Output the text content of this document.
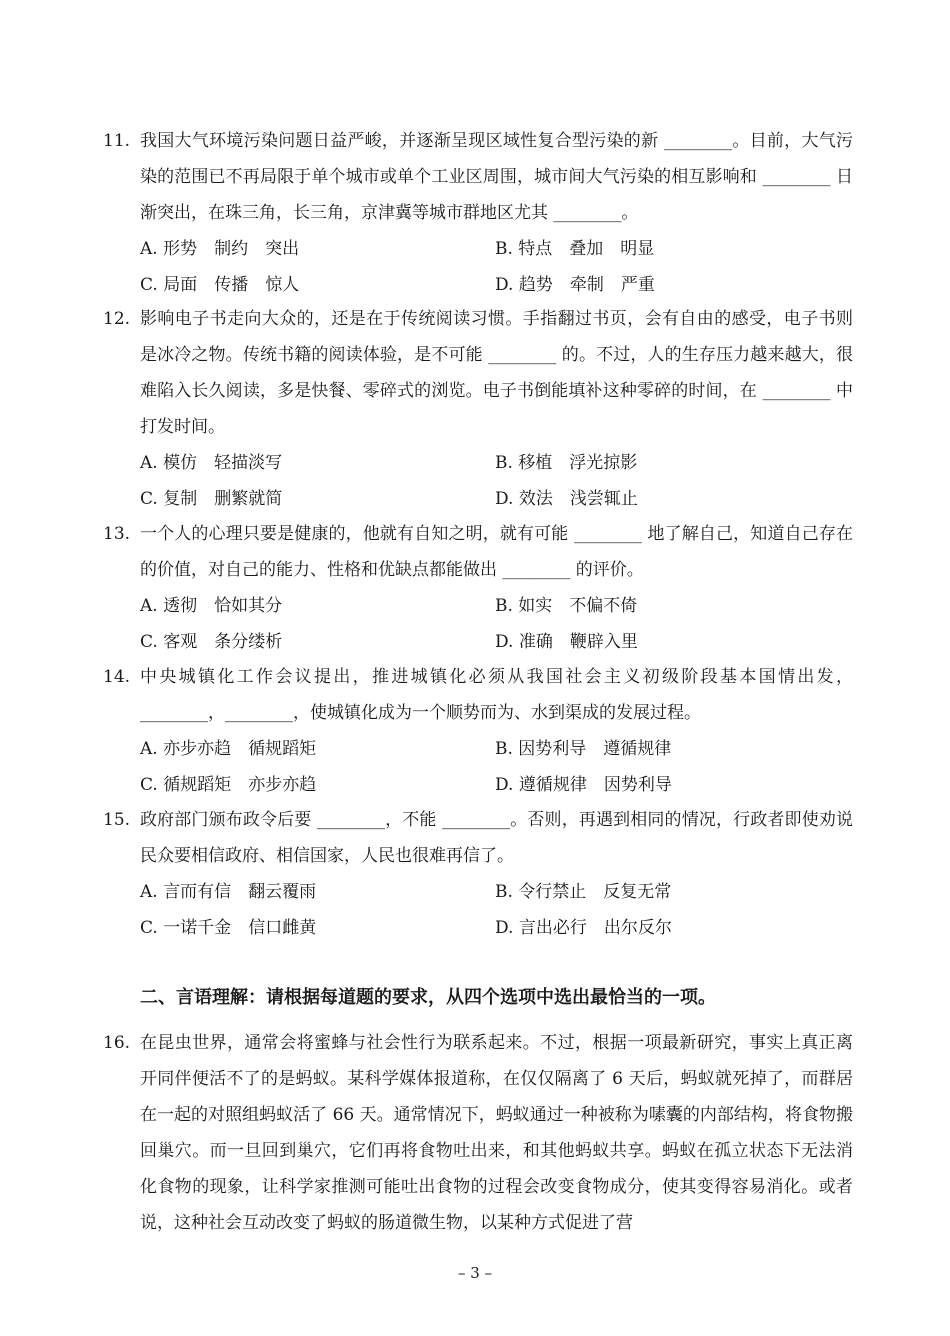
11. 我国大气环境污染问题日益严峻，并逐渐呈现区域性复合型污染的新 ________。目前，大气污染的范围已不再局限于单个城市或单个工业区周围，城市间大气污染的相互影响和 ________ 日渐突出，在珠三角，长三角，京津冀等城市群地区尤其 ________。
A. 形势　制约　突出	B. 特点　叠加　明显
C. 局面　传播　惊人	D. 趋势　牵制　严重
12. 影响电子书走向大众的，还是在于传统阅读习惯。手指翻过书页，会有自由的感受，电子书则是冰冷之物。传统书籍的阅读体验，是不可能 ________ 的。不过，人的生存压力越来越大，很难陷入长久阅读，多是快餐、零碎式的浏览。电子书倒能填补这种零碎的时间，在 ________ 中打发时间。
A. 模仿　轻描淡写	B. 移植　浮光掠影
C. 复制　删繁就简	D. 效法　浅尝辄止
13. 一个人的心理只要是健康的，他就有自知之明，就有可能 ________ 地了解自己，知道自己存在的价值，对自己的能力、性格和优缺点都能做出 ________ 的评价。
A. 透彻　恰如其分	B. 如实　不偏不倚
C. 客观　条分缕析	D. 准确　鞭辟入里
14. 中央城镇化工作会议提出，推进城镇化必须从我国社会主义初级阶段基本国情出发，________，________，使城镇化成为一个顺势而为、水到渠成的发展过程。
A. 亦步亦趋　循规蹈矩	B. 因势利导　遵循规律
C. 循规蹈矩　亦步亦趋	D. 遵循规律　因势利导
15. 政府部门颁布政令后要 ________，不能 ________。否则，再遇到相同的情况，行政者即使劝说民众要相信政府、相信国家，人民也很难再信了。
A. 言而有信　翻云覆雨	B. 令行禁止　反复无常
C. 一诺千金　信口雌黄	D. 言出必行　出尔反尔
二、言语理解：请根据每道题的要求，从四个选项中选出最恰当的一项。
16. 在昆虫世界，通常会将蜜蜂与社会性行为联系起来。不过，根据一项最新研究，事实上真正离开同伴便活不了的是蚂蚁。某科学媒体报道称，在仅仅隔离了 6 天后，蚂蚁就死掉了，而群居在一起的对照组蚂蚁活了 66 天。通常情况下，蚂蚁通过一种被称为嗉囊的内部结构，将食物搬回巢穴。而一旦回到巢穴，它们再将食物吐出来，和其他蚂蚁共享。蚂蚁在孤立状态下无法消化食物的现象，让科学家推测可能吐出食物的过程会改变食物成分，使其变得容易消化。或者说，这种社会互动改变了蚂蚁的肠道微生物，以某种方式促进了营
– 3 –
